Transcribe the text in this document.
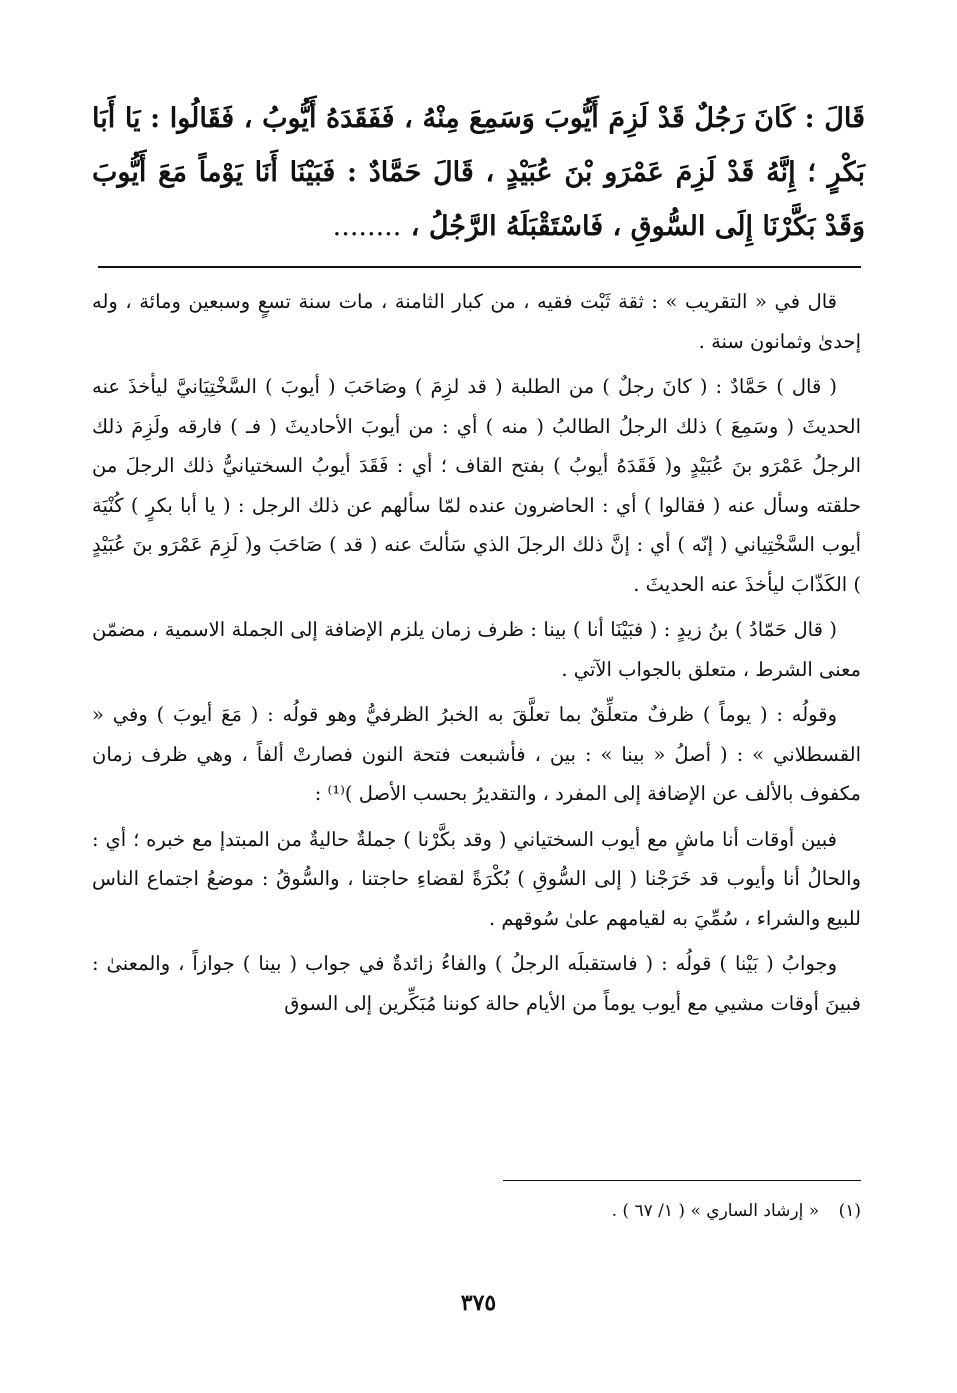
قَالَ : كَانَ رَجُلٌ قَدْ لَزِمَ أَيُّوبَ وَسَمِعَ مِنْهُ ، فَفَقَدَهُ أَيُّوبُ ، فَقَالُوا : يَا أَبَا بَكْرٍ ؛ إِنَّهُ قَدْ لَزِمَ عَمْرَو بْنَ عُبَيْدٍ ، قَالَ حَمَّادٌ : فَبَيْنَا أَنَا يَوْماً مَعَ أَيُّوبَ وَقَدْ بَكَّرْنَا إِلَى السُّوقِ ، فَاسْتَقْبَلَهُ الرَّجُلُ ، ........

قال في « التقريب » : ثقة ثَبْت فقيه ، من كبار الثامنة ، مات سنة تسعٍ وسبعين ومائة ، وله إحدىٰ وثمانون سنة .

( قال ) حَمَّادٌ : ( كانَ رجلٌ ) من الطلبة ( قد لزِمَ ) وصَاحَبَ ( أيوبَ ) السَّخْتِيَانيَّ ليأخذَ عنه الحديثَ ( وسَمِعَ ) ذلك الرجلُ الطالبُ ( منه ) أي : من أيوبَ الأحاديثَ ( فـ ) فارقه ولَزِمَ ذلك الرجلُ عَمْرَو بنَ عُبَيْدٍ و( فَقَدَهُ أيوبُ ) بفتح القاف ؛ أي : فَقَدَ أيوبُ السختيانيُّ ذلك الرجلَ من حلقته وسأل عنه ( فقالوا ) أي : الحاضرون عنده لمّا سألهم عن ذلك الرجل : ( يا أبا بكرٍ ) كُنْيَة أيوب السَّخْتِياني ( إنّه ) أي : إنَّ ذلك الرجلَ الذي سَألتَ عنه ( قد ) صَاحَبَ و( لَزِمَ عَمْرَو بنَ عُبَيْدٍ ) الكَذّابَ ليأخذَ عنه الحديثَ .

( قال حَمّادُ ) بنُ زيدٍ : ( فبَيْنَا أنا ) بينا : ظرف زمان يلزم الإضافة إلى الجملة الاسمية ، مضمّن معنى الشرط ، متعلق بالجواب الآتي .

وقولُه : ( يوماً ) ظرفٌ متعلِّقٌ بما تعلَّقَ به الخبرُ الظرفيُّ وهو قولُه : ( مَعَ أيوبَ ) وفي « القسطلاني » : ( أصلُ « بينا » : بين ، فأشبعت فتحة النون فصارتْ ألفاً ، وهي ظرف زمان مكفوف بالألف عن الإضافة إلى المفرد ، والتقديرُ بحسب الأصل )⁽¹⁾ :

فبين أوقات أنا ماشٍ مع أيوب السختياني ( وقد بكَّرْنا ) جملةٌ حاليةٌ من المبتدإ مع خبره ؛ أي : والحالُ أنا وأيوب قد خَرَجْنا ( إلى السُّوقِ ) بُكْرَةً لقضاءِ حاجتنا ، والسُّوقُ : موضعُ اجتماع الناس للبيع والشراء ، سُمِّيَ به لقيامهم علىٰ سُوقهم .

وجوابُ ( بَيْنا ) قولُه : ( فاستقبلَه الرجلُ ) والفاءُ زائدةٌ في جواب ( بينا ) جوازاً ، والمعنىٰ : فبينَ أوقات مشيي مع أيوب يوماً من الأيام حالة كوننا مُبَكِّرين إلى السوق

(١) « إرشاد الساري » ( ١/ ٦٧ ) .
٣٧٥
